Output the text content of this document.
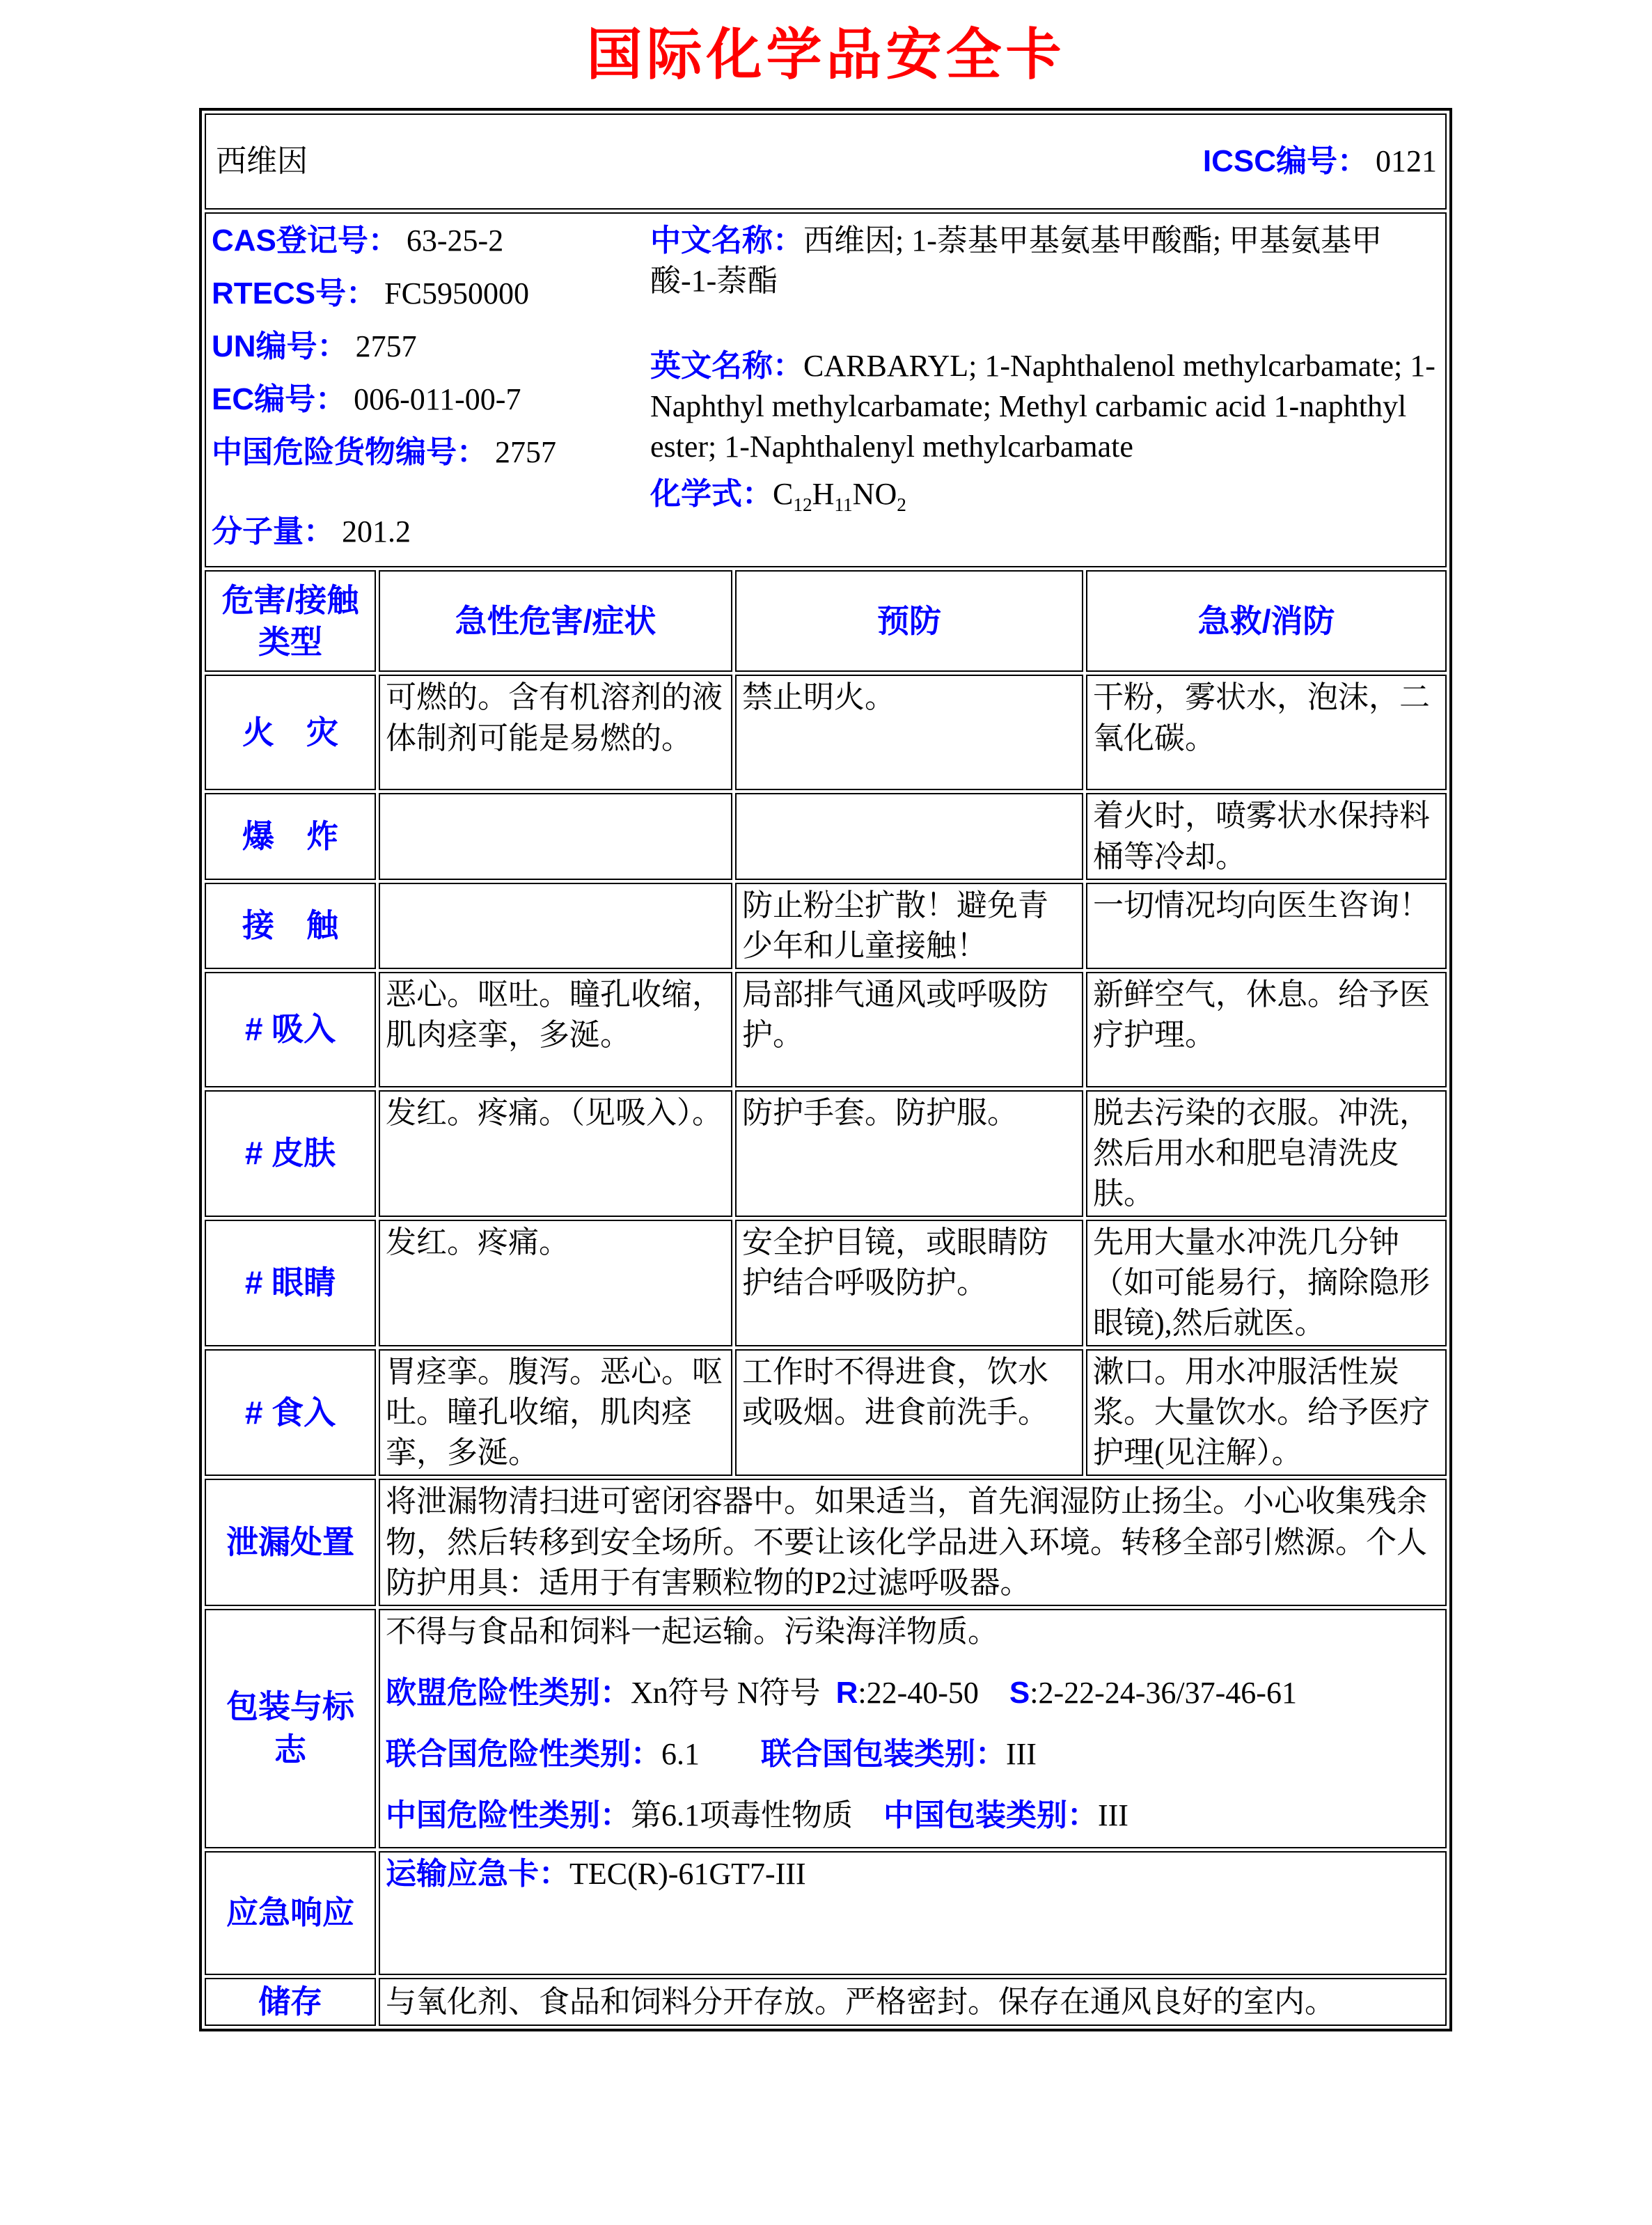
国际化学品安全卡
西维因 ICSC编号： 0121			

CAS登记号： 63-25-2
RTECS号： FC5950000
UN编号： 2757
EC编号： 006-011-00-7
中国危险货物编号： 2757
分子量： 201.2
中文名称：西维因; 1-萘基甲基氨基甲酸酯; 甲基氨基甲酸-1-萘酯
英文名称：CARBARYL; 1-Naphthalenol methylcarbamate; 1-Naphthyl methylcarbamate; Methyl carbamic acid 1-naphthyl ester; 1-Naphthalenyl methylcarbamate
化学式：$C_{12}H_{11}NO_2$

危害/接触
类型	急性危害/症状	预防	急救/消防

火　灾	可燃的。含有机溶剂的液体制剂可能是易燃的。	禁止明火。	干粉，雾状水，泡沫，二氧化碳。
爆　炸			着火时，喷雾状水保持料桶等冷却。
接　触		防止粉尘扩散！避免青少年和儿童接触！	一切情况均向医生咨询！
# 吸入	恶心。呕吐。瞳孔收缩，肌肉痉挛，多涎。	局部排气通风或呼吸防护。	新鲜空气，休息。给予医疗护理。
# 皮肤	发红。疼痛。（见吸入）。	防护手套。防护服。	脱去污染的衣服。冲洗，然后用水和肥皂清洗皮肤。
# 眼睛	发红。疼痛。	安全护目镜，或眼睛防护结合呼吸防护。	先用大量水冲洗几分钟（如可能易行，摘除隐形眼镜),然后就医。
# 食入	胃痉挛。腹泻。恶心。呕吐。瞳孔收缩，肌肉痉挛，多涎。	工作时不得进食，饮水或吸烟。进食前洗手。	漱口。用水冲服活性炭浆。大量饮水。给予医疗护理(见注解）。
泄漏处置	将泄漏物清扫进可密闭容器中。如果适当，首先润湿防止扬尘。小心收集残余物，然后转移到安全场所。不要让该化学品进入环境。转移全部引燃源。个人防护用具：适用于有害颗粒物的P2过滤呼吸器。		
包装与标志	不得与食品和饲料一起运输。污染海洋物质。
欧盟危险性类别：Xn符号 N符号 R:22-40-50 S:2-22-24-36/37-46-61
联合国危险性类别：6.1 联合国包装类别：III
中国危险性类别：第6.1项毒性物质 中国包装类别：III		

应急响应	运输应急卡：TEC(R)-61GT7-III		
储存	与氧化剂、食品和饲料分开存放。严格密封。保存在通风良好的室内。		
